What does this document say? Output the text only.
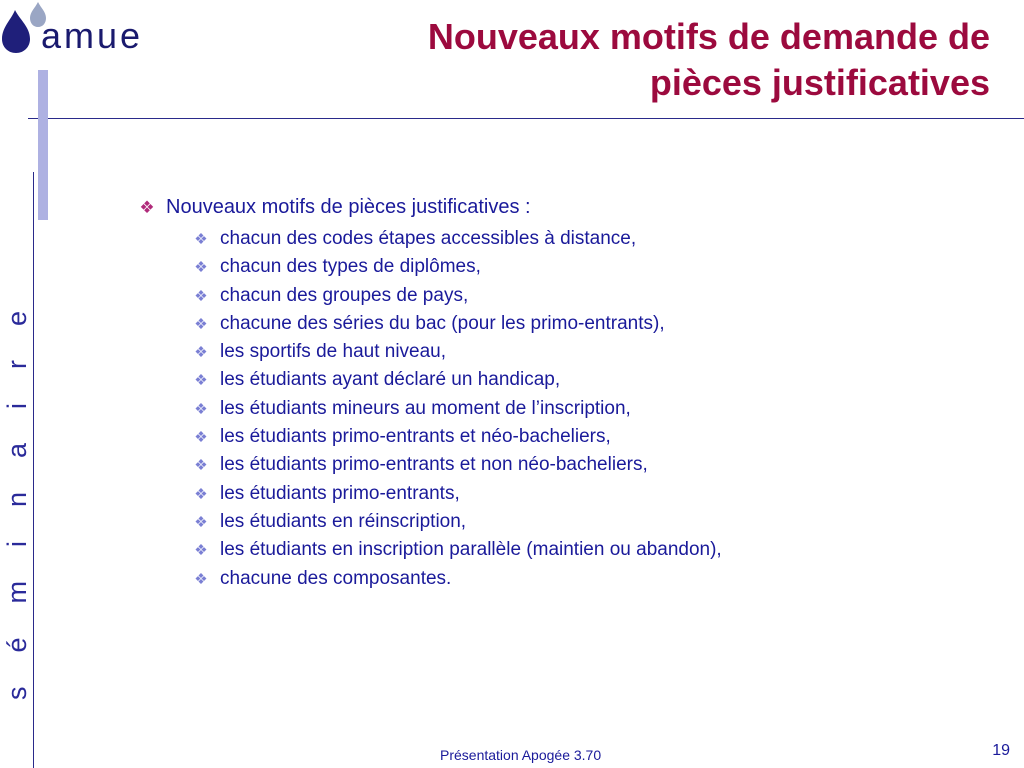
amue	Nouveaux motifs de demande de
pièces justificatives
séminaire
❖ Nouveaux motifs de pièces justificatives :
❖ chacun des codes étapes accessibles à distance,
❖ chacun des types de diplômes,
❖ chacun des groupes de pays,
❖ chacune des séries du bac (pour les primo-entrants),
❖ les sportifs de haut niveau,
❖ les étudiants ayant déclaré un handicap,
❖ les étudiants mineurs au moment de l’inscription,
❖ les étudiants primo-entrants et néo-bacheliers,
❖ les étudiants primo-entrants et non néo-bacheliers,
❖ les étudiants primo-entrants,
❖ les étudiants en réinscription,
❖ les étudiants en inscription parallèle (maintien ou abandon),
❖ chacune des composantes.
Présentation Apogée 3.70	19
